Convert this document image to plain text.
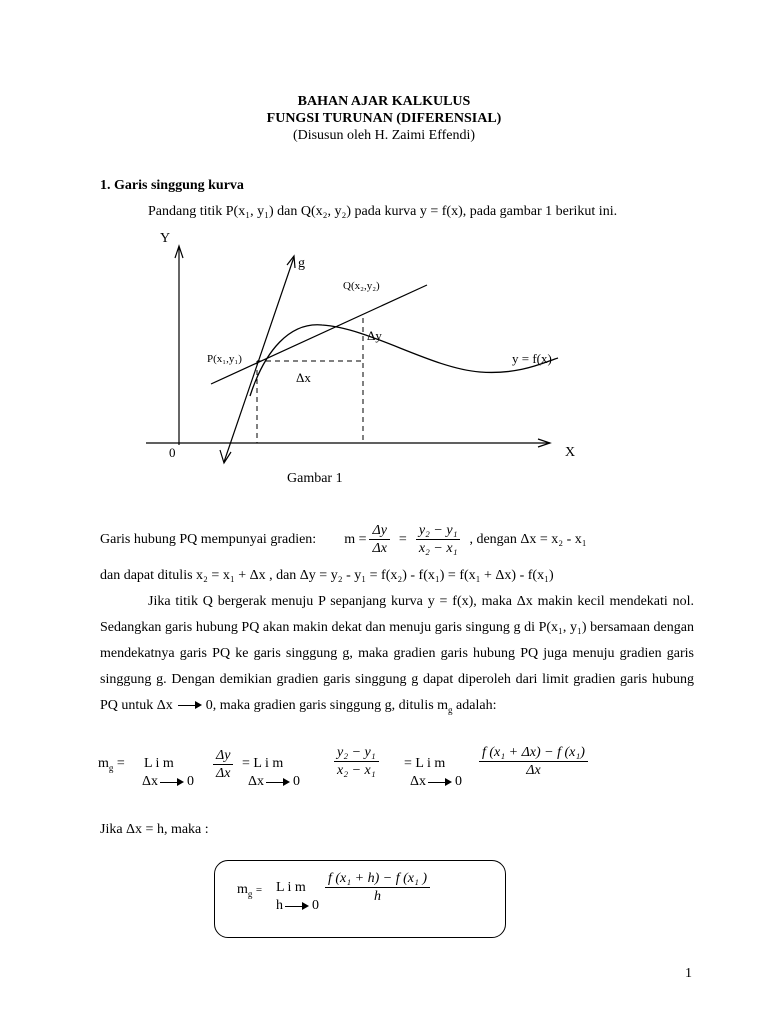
BAHAN AJAR KALKULUS
FUNGSI TURUNAN (DIFERENSIAL)
(Disusun oleh H. Zaimi Effendi)
1. Garis singgung kurva
Pandang titik P(x₁, y₁) dan Q(x₂, y₂) pada kurva y = f(x), pada gambar 1 berikut ini.
Y
X
0
g
Q(x₂,y₂)
Δy
P(x₁,y₁)
Δx
y = f(x)
Gambar 1
Garis hubung PQ mempunyai gradien: $m = \frac{\Delta y}{\Delta x} = \frac{\text{y₂ − y₁}}{\text{x₂ − x₁}}$ , dengan Δx = x₂ - x₁
dan dapat ditulis x₂ = x₁ + Δx , dan Δy = y₂ - y₁ = f(x₂) - f(x₁) = f(x₁ + Δx) - f(x₁)
Jika titik Q bergerak menuju P sepanjang kurva y = f(x), maka Δx makin kecil mendekati nol. Sedangkan garis hubung PQ akan makin dekat dan menuju garis singung g di P(x₁, y₁) bersamaan dengan mendekatnya garis PQ ke garis singgung g, maka gradien garis hubung PQ juga menuju gradien garis singgung g. Dengan demikian gradien garis singgung g dapat diperoleh dari limit gradien garis hubung PQ untuk Δx 0, maka gradien garis singgung g, ditulis $m_g$ adalah:
$m_g = L$ i m
Δx $0 \frac{\Delta y}{\Delta x} = L$ i m
Δx 0
$\frac{\text{y₂ − y₁}}{\text{x₂ − x₁}} = L$ i m
Δx 0
$\frac{\text{f (x₁ + Δx) − f (x₁)}}{\Delta x}$
Jika Δx = h, maka :
$m_g = L$ i m
h 0
$\frac{\text{f (x₁ + h) − f (x₁ )}}{h}$
1
